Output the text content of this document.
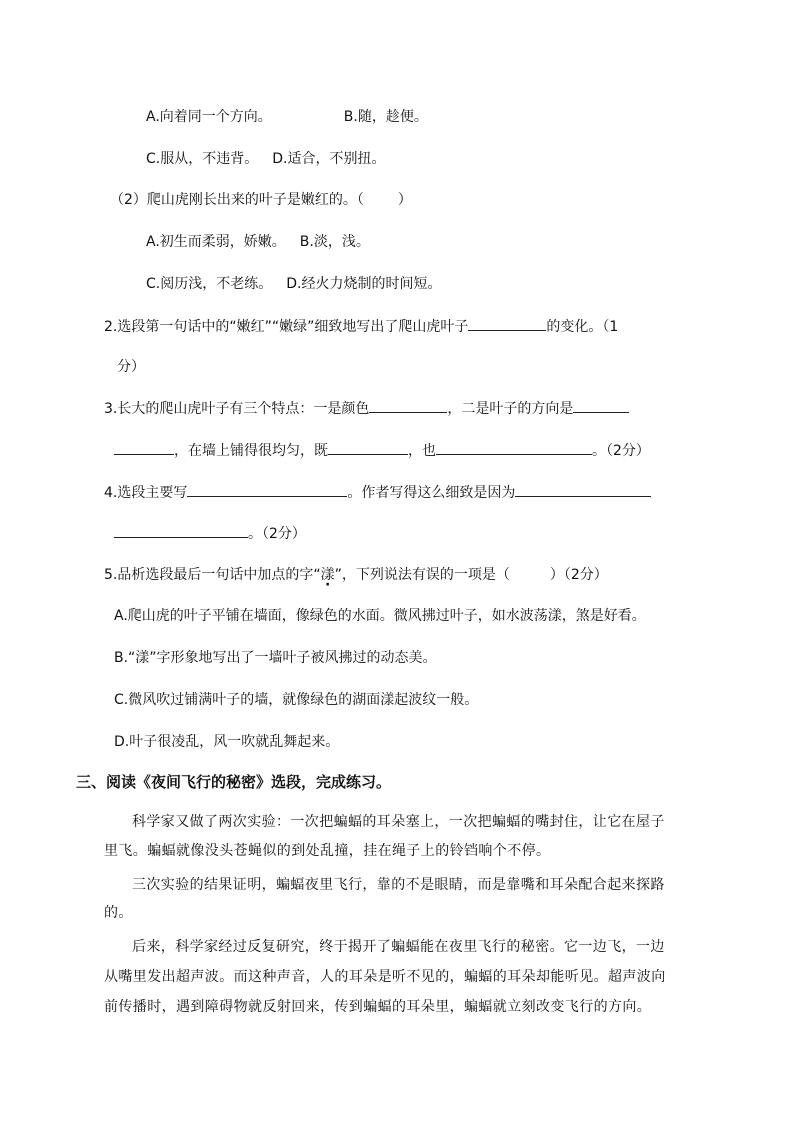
A.向着同一个方向。	B.随，趁便。
C.服从，不违背。 D.适合，不别扭。
（2）爬山虎刚长出来的叶子是嫩红的。（ ）
A.初生而柔弱，娇嫩。 B.淡，浅。
C.阅历浅，不老练。 D.经火力烧制的时间短。
2.选段第一句话中的“嫩红”“嫩绿”细致地写出了爬山虎叶子	的变化。（1
分）
3.长大的爬山虎叶子有三个特点：一是颜色	，二是叶子的方向是
，在墙上铺得很均匀，既	，也	。（2分）
4.选段主要写	。作者写得这么细致是因为
。（2分）
5.品析选段最后一句话中加点的字“漾”，下列说法有误的一项是（	）（2分）
A.爬山虎的叶子平铺在墙面，像绿色的水面。微风拂过叶子，如水波荡漾，煞是好看。
B.“漾”字形象地写出了一墙叶子被风拂过的动态美。
C.微风吹过铺满叶子的墙，就像绿色的湖面漾起波纹一般。
D.叶子很凌乱，风一吹就乱舞起来。
三、阅读《夜间飞行的秘密》选段，完成练习。
科学家又做了两次实验：一次把蝙蝠的耳朵塞上，一次把蝙蝠的嘴封住，让它在屋子
里飞。蝙蝠就像没头苍蝇似的到处乱撞，挂在绳子上的铃铛响个不停。
三次实验的结果证明，蝙蝠夜里飞行，靠的不是眼睛，而是靠嘴和耳朵配合起来探路
的。
后来，科学家经过反复研究，终于揭开了蝙蝠能在夜里飞行的秘密。它一边飞，一边
从嘴里发出超声波。而这种声音，人的耳朵是听不见的，蝙蝠的耳朵却能听见。超声波向
前传播时，遇到障碍物就反射回来，传到蝙蝠的耳朵里，蝙蝠就立刻改变飞行的方向。
